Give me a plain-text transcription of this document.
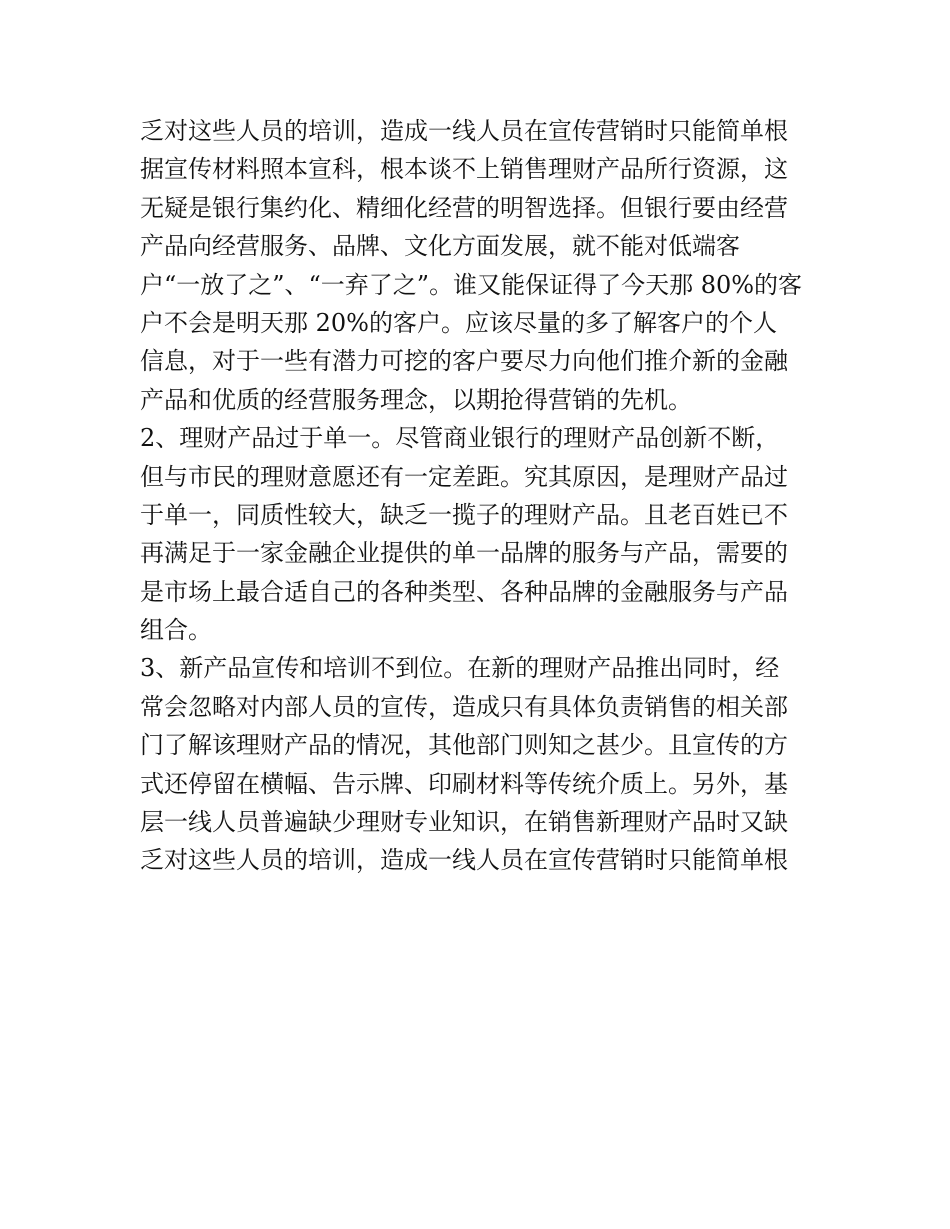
乏对这些人员的培训，造成一线人员在宣传营销时只能简单根

据宣传材料照本宣科，根本谈不上销售理财产品所行资源，这

无疑是银行集约化、精细化经营的明智选择。但银行要由经营

产品向经营服务、品牌、文化方面发展，就不能对低端客

户“一放了之”、“一弃了之”。谁又能保证得了今天那 80%的客

户不会是明天那 20%的客户。应该尽量的多了解客户的个人

信息，对于一些有潜力可挖的客户要尽力向他们推介新的金融

产品和优质的经营服务理念，以期抢得营销的先机。

2、理财产品过于单一。尽管商业银行的理财产品创新不断，

但与市民的理财意愿还有一定差距。究其原因，是理财产品过

于单一，同质性较大，缺乏一揽子的理财产品。且老百姓已不

再满足于一家金融企业提供的单一品牌的服务与产品，需要的

是市场上最合适自己的各种类型、各种品牌的金融服务与产品

组合。

3、新产品宣传和培训不到位。在新的理财产品推出同时，经

常会忽略对内部人员的宣传，造成只有具体负责销售的相关部

门了解该理财产品的情况，其他部门则知之甚少。且宣传的方

式还停留在横幅、告示牌、印刷材料等传统介质上。另外，基

层一线人员普遍缺少理财专业知识，在销售新理财产品时又缺

乏对这些人员的培训，造成一线人员在宣传营销时只能简单根
